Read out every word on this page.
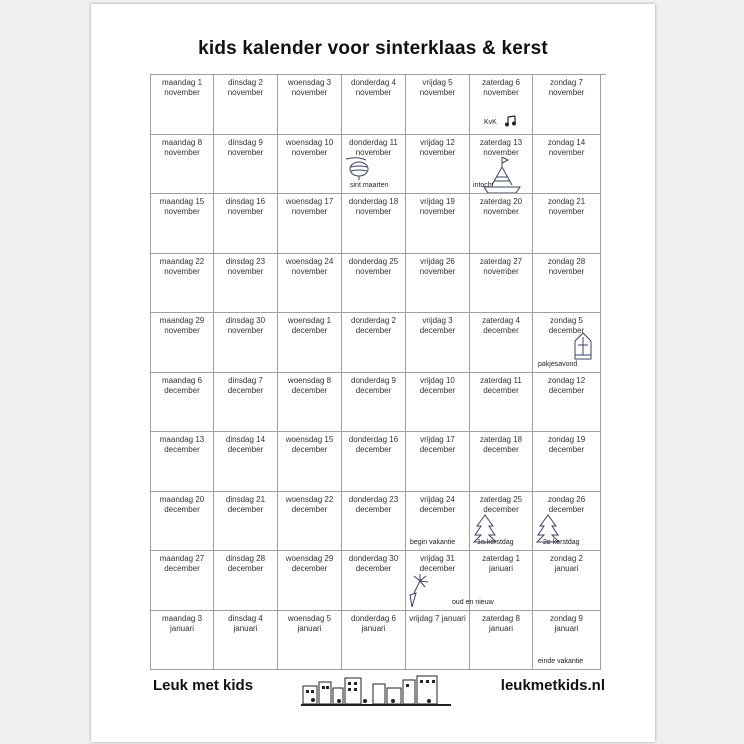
kids kalender voor sinterklaas & kerst
maandag 1
november
dinsdag 2
november
woensdag 3
november
donderdag 4
november
vrijdag 5
november
zaterdag 6
november
KvK
zondag 7
november
maandag 8
november
dinsdag 9
november
woensdag 10
november
donderdag 11
november
sint maarten
vrijdag 12
november
zaterdag 13
november
intocht
zondag 14
november
maandag 15
november
dinsdag 16
november
woensdag 17
november
donderdag 18
november
vrijdag 19
november
zaterdag 20
november
zondag 21
november
maandag 22
november
dinsdag 23
november
woensdag 24
november
donderdag 25
november
vrijdag 26
november
zaterdag 27
november
zondag 28
november
maandag 29
november
dinsdag 30
november
woensdag 1
december
donderdag 2
december
vrijdag 3
december
zaterdag 4
december
zondag 5
december
pakjesavond
maandag 6
december
dinsdag 7
december
woensdag 8
december
donderdag 9
december
vrijdag 10
december
zaterdag 11
december
zondag 12
december
maandag 13
december
dinsdag 14
december
woensdag 15
december
donderdag 16
december
vrijdag 17
december
zaterdag 18
december
zondag 19
december
maandag 20
december
dinsdag 21
december
woensdag 22
december
donderdag 23
december
vrijdag 24
december
begin vakantie
zaterdag 25
december
1e kerstdag
zondag 26
december
2e kerstdag
maandag 27
december
dinsdag 28
december
woensdag 29
december
donderdag 30
december
vrijdag 31
december
zaterdag 1
januari
oud en nieuw
zondag 2
januari
maandag 3
januari
dinsdag 4
januari
woensdag 5
januari
donderdag 6
januari
vrijdag 7 januari	zaterdag 8
januari
zondag 9
januari
einde vakantie
Leuk met kids	leukmetkids.nl
